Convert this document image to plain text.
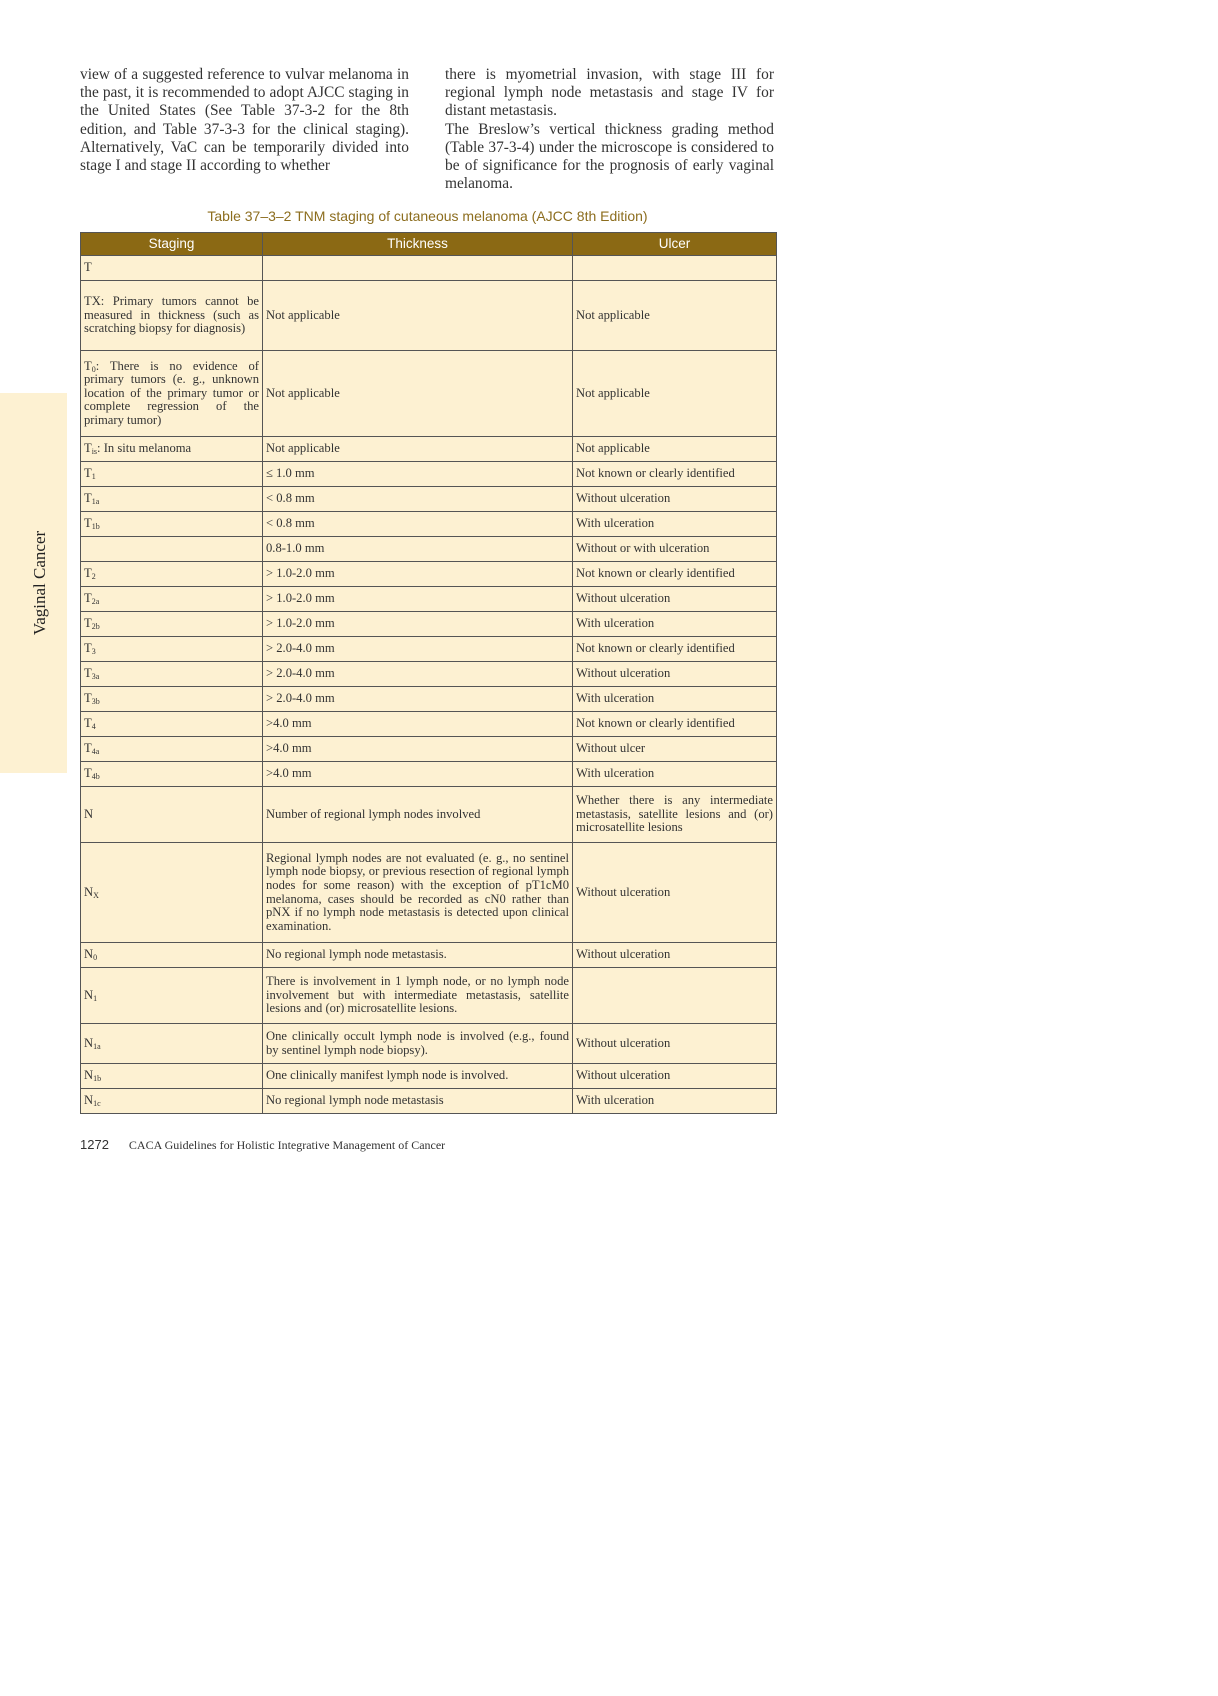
Vaginal Cancer

view of a suggested reference to vulvar melanoma in the past, it is recommended to adopt AJCC staging in the United States (See Table 37-3-2 for the 8th edition, and Table 37-3-3 for the clinical staging). Alternatively, VaC can be temporarily divided into stage I and stage II according to whether

there is myometrial invasion, with stage III for regional lymph node metastasis and stage IV for distant metastasis.

The Breslow’s vertical thickness grading method (Table 37-3-4) under the microscope is considered to be of significance for the prognosis of early vaginal melanoma.

Table 37–3–2 TNM staging of cutaneous melanoma (AJCC 8th Edition)
Staging	Thickness	Ulcer
T		
TX: Primary tumors cannot be measured in thickness (such as scratching biopsy for diagnosis)	Not applicable	Not applicable
$T_0$: There is no evidence of primary tumors (e. g., unknown location of the primary tumor or complete regression of the primary tumor)	Not applicable	Not applicable
$T_{is}$: In situ melanoma	Not applicable	Not applicable
$T_1$	≤ 1.0 mm	Not known or clearly identified
$T_{1a}$	< 0.8 mm	Without ulceration
$T_{1b}$	< 0.8 mm	With ulceration
	0.8-1.0 mm	Without or with ulceration
$T_2$	> 1.0-2.0 mm	Not known or clearly identified
$T_{2a}$	> 1.0-2.0 mm	Without ulceration
$T_{2b}$	> 1.0-2.0 mm	With ulceration
$T_3$	> 2.0-4.0 mm	Not known or clearly identified
$T_{3a}$	> 2.0-4.0 mm	Without ulceration
$T_{3b}$	> 2.0-4.0 mm	With ulceration
$T_4$	>4.0 mm	Not known or clearly identified
$T_{4a}$	>4.0 mm	Without ulcer
$T_{4b}$	>4.0 mm	With ulceration
N	Number of regional lymph nodes involved	Whether there is any intermediate metastasis, satellite lesions and (or) microsatellite lesions
$N_X$	Regional lymph nodes are not evaluated (e. g., no sentinel lymph node biopsy, or previous resection of regional lymph nodes for some reason) with the exception of pT1cM0 melanoma, cases should be recorded as cN0 rather than pNX if no lymph node metastasis is detected upon clinical examination.	Without ulceration
$N_0$	No regional lymph node metastasis.	Without ulceration
$N_1$	There is involvement in 1 lymph node, or no lymph node involvement but with intermediate metastasis, satellite lesions and (or) microsatellite lesions.	
$N_{1a}$	One clinically occult lymph node is involved (e.g., found by sentinel lymph node biopsy).	Without ulceration
$N_{1b}$	One clinically manifest lymph node is involved.	Without ulceration
$N_{1c}$	No regional lymph node metastasis	With ulceration
1272 CACA Guidelines for Holistic Integrative Management of Cancer
